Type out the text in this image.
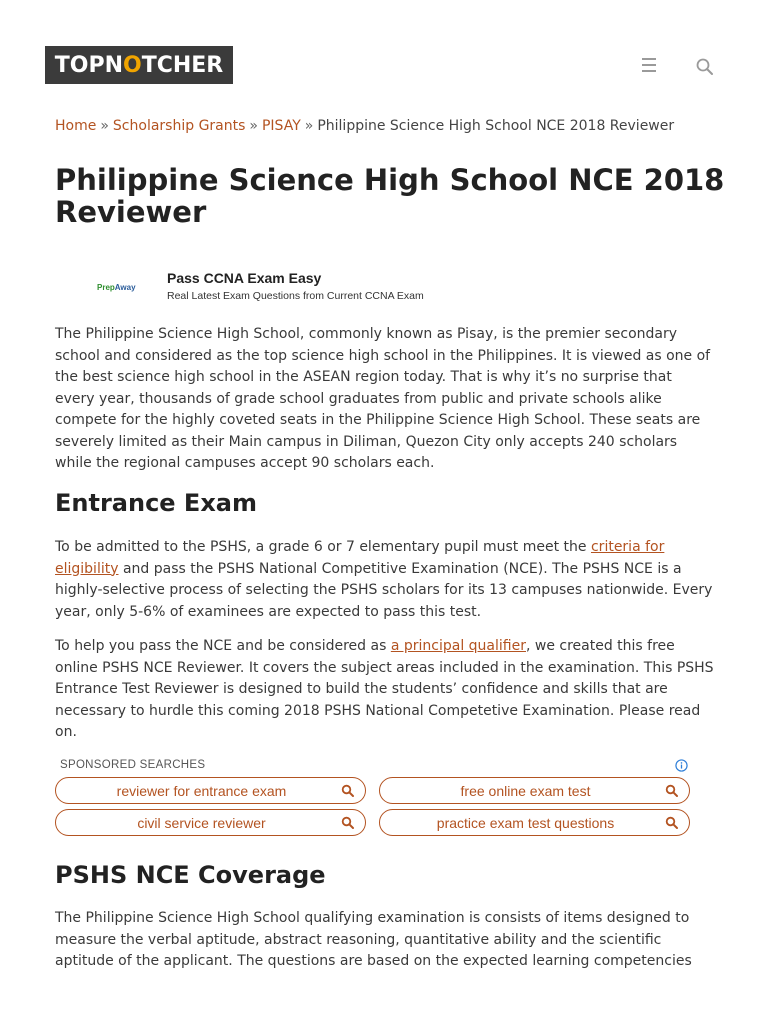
TOPN O TCHER
Home » Scholarship Grants » PISAY » Philippine Science High School NCE 2018 Reviewer
Philippine Science High School NCE 2018 Reviewer
PrepAway
Pass CCNA Exam Easy
Real Latest Exam Questions from Current CCNA Exam

The Philippine Science High School, commonly known as Pisay, is the premier secondary school and considered as the top science high school in the Philippines. It is viewed as one of the best science high school in the ASEAN region today. That is why it’s no surprise that every year, thousands of grade school graduates from public and private schools alike compete for the highly coveted seats in the Philippine Science High School. These seats are severely limited as their Main campus in Diliman, Quezon City only accepts 240 scholars while the regional campuses accept 90 scholars each.

Entrance Exam

To be admitted to the PSHS, a grade 6 or 7 elementary pupil must meet the criteria for eligibility and pass the PSHS National Competitive Examination (NCE). The PSHS NCE is a highly-selective process of selecting the PSHS scholars for its 13 campuses nationwide. Every year, only 5-6% of examinees are expected to pass this test.

To help you pass the NCE and be considered as a principal qualifier, we created this free online PSHS NCE Reviewer. It covers the subject areas included in the examination. This PSHS Entrance Test Reviewer is designed to build the students’ confidence and skills that are necessary to hurdle this coming 2018 PSHS National Competetive Examination. Please read on.

SPONSORED SEARCHES
reviewer for entrance exam	free online exam test
civil service reviewer	practice exam test questions
PSHS NCE Coverage

The Philippine Science High School qualifying examination is consists of items designed to measure the verbal aptitude, abstract reasoning, quantitative ability and the scientific aptitude of the applicant. The questions are based on the expected learning competencies
